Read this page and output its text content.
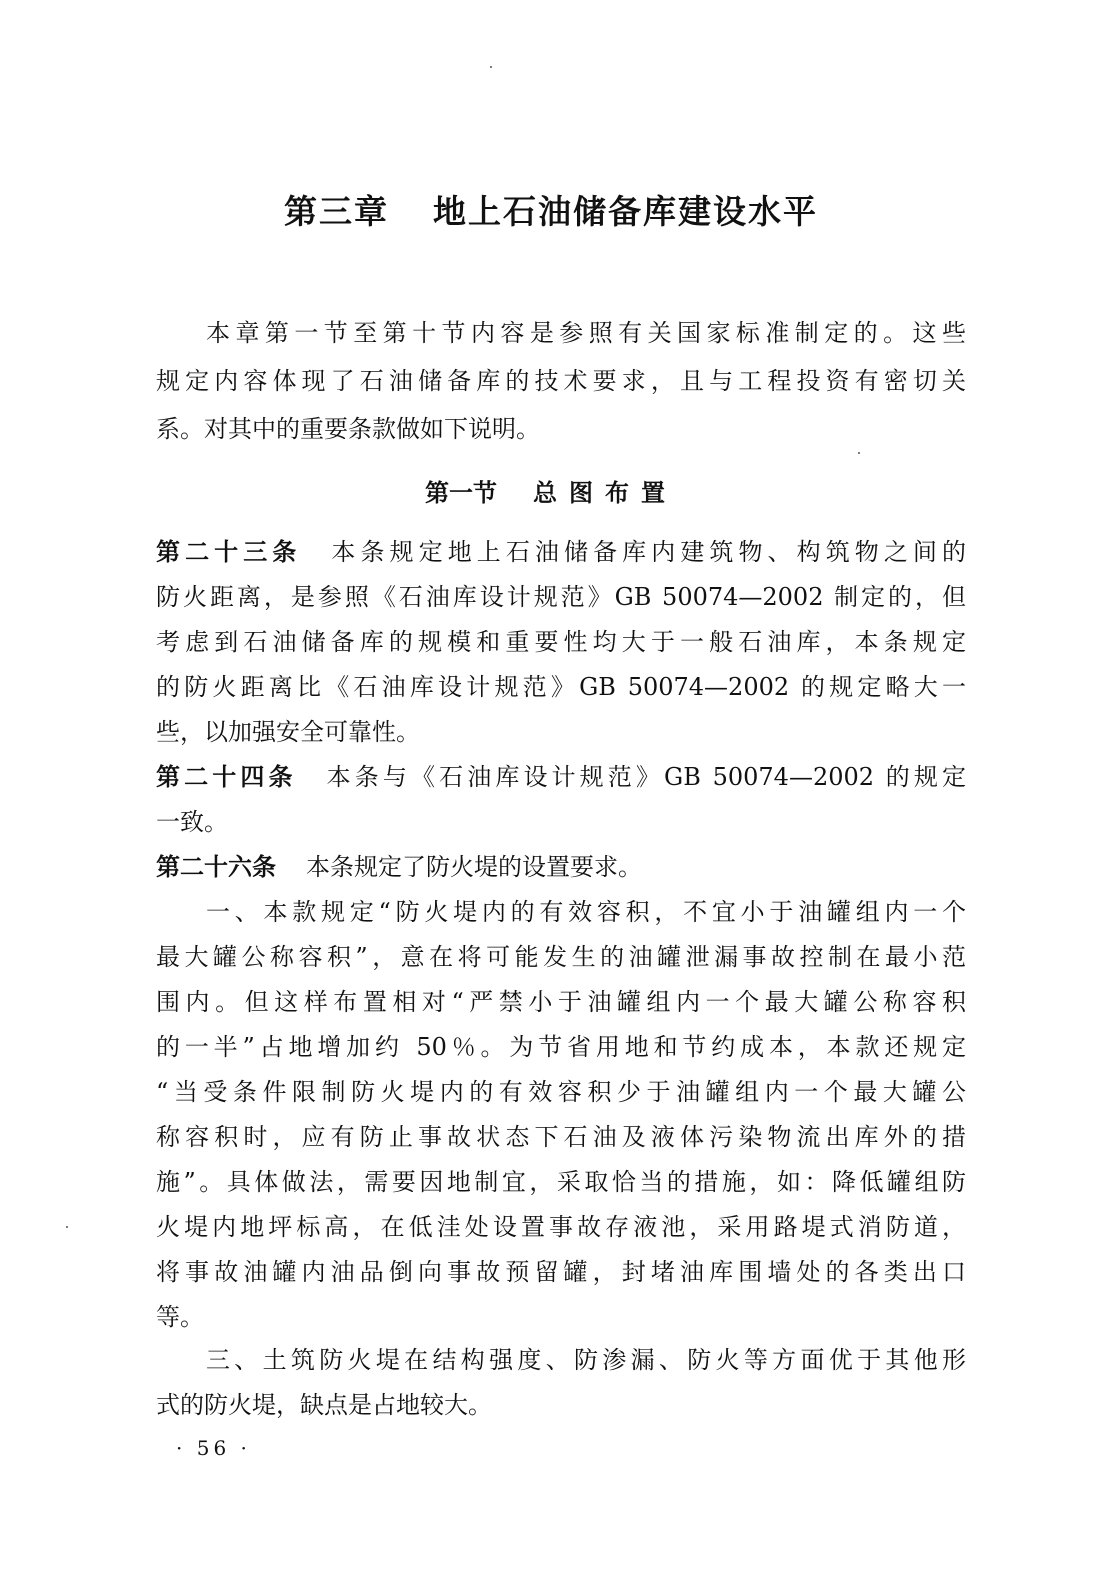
第三章 地上石油储备库建设水平
本章第一节至第十节内容是参照有关国家标准制定的。这些
规定内容体现了石油储备库的技术要求，且与工程投资有密切关
系。对其中的重要条款做如下说明。
第一节 总图布置
第二十三条 本条规定地上石油储备库内建筑物、构筑物之间的
防火距离，是参照《石油库设计规范》GB 50074—2002 制定的，但
考虑到石油储备库的规模和重要性均大于一般石油库，本条规定
的防火距离比《石油库设计规范》GB 50074—2002 的规定略大一
些，以加强安全可靠性。
第二十四条 本条与《石油库设计规范》GB 50074—2002 的规定
一致。
第二十六条 本条规定了防火堤的设置要求。
一、本款规定“防火堤内的有效容积，不宜小于油罐组内一个
最大罐公称容积”，意在将可能发生的油罐泄漏事故控制在最小范
围内。但这样布置相对“严禁小于油罐组内一个最大罐公称容积
的一半”占地增加约 50％。为节省用地和节约成本，本款还规定
“当受条件限制防火堤内的有效容积少于油罐组内一个最大罐公
称容积时，应有防止事故状态下石油及液体污染物流出库外的措
施”。具体做法，需要因地制宜，采取恰当的措施，如：降低罐组防
火堤内地坪标高，在低洼处设置事故存液池，采用路堤式消防道，
将事故油罐内油品倒向事故预留罐，封堵油库围墙处的各类出口
等。
三、土筑防火堤在结构强度、防渗漏、防火等方面优于其他形
式的防火堤，缺点是占地较大。
· 56 ·
